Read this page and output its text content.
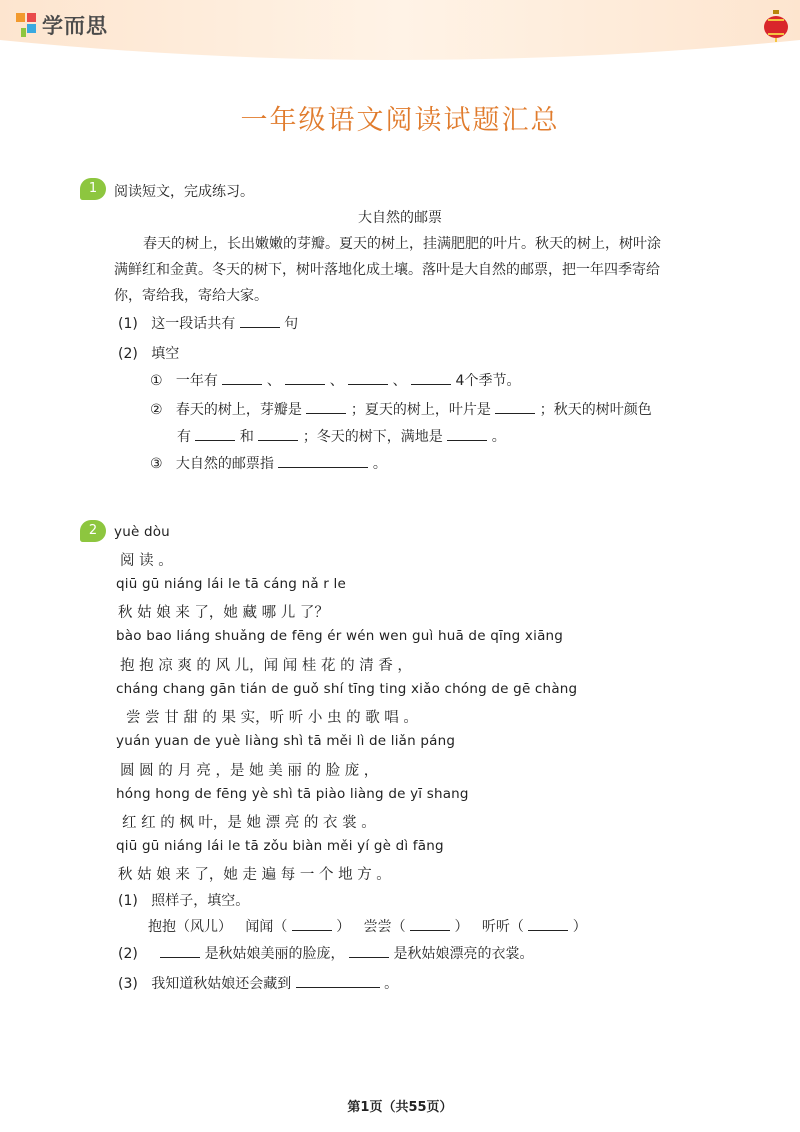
学而思
一年级语文阅读试题汇总
1	阅读短文，完成练习。
大自然的邮票
春天的树上，长出嫩嫩的芽瓣。夏天的树上，挂满肥肥的叶片。秋天的树上，树叶涂
满鲜红和金黄。冬天的树下，树叶落地化成土壤。落叶是大自然的邮票，把一年四季寄给
你，寄给我，寄给大家。
(1) 这一段话共有	句
(2) 填空
① 一年有	、	、	、	4个季节。
② 春天的树上，芽瓣是	；夏天的树上，叶片是	；秋天的树叶颜色
有	和	；冬天的树下，满地是	。
③ 大自然的邮票指	。
2	yuè dòu
阅 读 。
qiū gū niáng lái le tā cáng nǎ r le
秋 姑 娘 来 了，她 藏 哪 儿 了？
bào bao liáng shuǎng de fēng ér wén wen guì huā de qīng xiāng
抱 抱 凉 爽 的 风 儿，闻 闻 桂 花 的 清 香 ，
cháng chang gān tián de guǒ shí tīng ting xiǎo chóng de gē chàng
尝 尝 甘 甜 的 果 实，听 听 小 虫 的 歌 唱 。
yuán yuan de yuè liàng shì tā měi lì de liǎn páng
圆 圆 的 月 亮 ，是 她 美 丽 的 脸 庞 ，
hóng hong de fēng yè shì tā piào liàng de yī shang
红 红 的 枫 叶，是 她 漂 亮 的 衣 裳 。
qiū gū niáng lái le tā zǒu biàn měi yí gè dì fāng
秋 姑 娘 来 了，她 走 遍 每 一 个 地 方 。
(1) 照样子，填空。
抱抱（风儿） 闻闻（	） 尝尝（	） 听听（	）
(2)	是秋姑娘美丽的脸庞，	是秋姑娘漂亮的衣裳。
(3) 我知道秋姑娘还会藏到	。
第1页（共55页）
